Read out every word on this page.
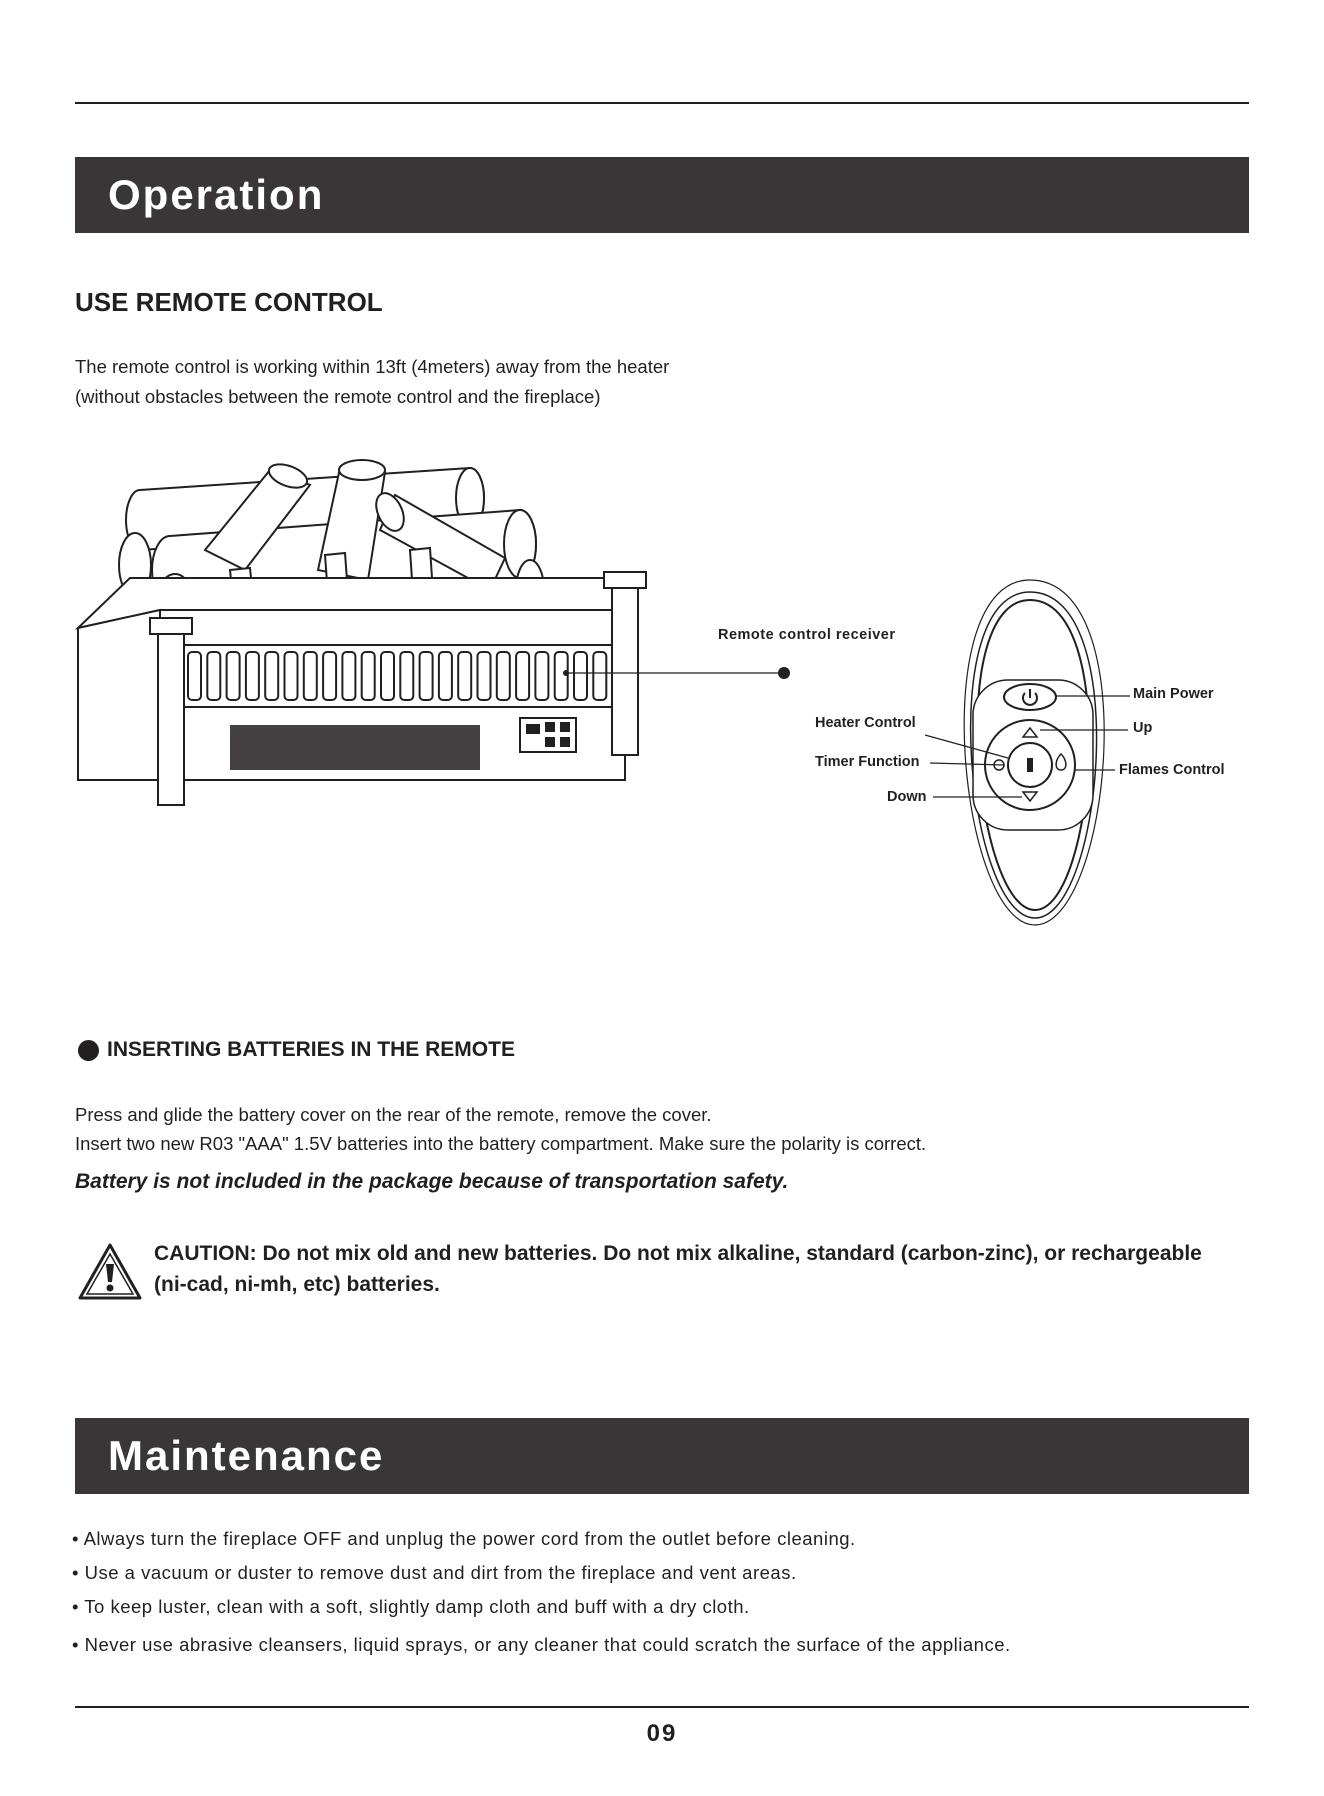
Operation
USE REMOTE CONTROL
The remote control is working within 13ft (4meters) away from the heater
(without obstacles between the remote control and the fireplace)
Remote control receiver
Main Power
Up
Heater Control
Timer Function	Flames Control
Down
INSERTING BATTERIES IN THE REMOTE
Press and glide the battery cover on the rear of the remote, remove the cover.
Insert two new R03 "AAA" 1.5V batteries into the battery compartment. Make sure the polarity is correct.
Battery is not included in the package because of transportation safety.
CAUTION: Do not mix old and new batteries. Do not mix alkaline, standard (carbon-zinc), or rechargeable
(ni-cad, ni-mh, etc) batteries.
Maintenance
• Always turn the fireplace OFF and unplug the power cord from the outlet before cleaning.
• Use a vacuum or duster to remove dust and dirt from the fireplace and vent areas.
• To keep luster, clean with a soft, slightly damp cloth and buff with a dry cloth.
• Never use abrasive cleansers, liquid sprays, or any cleaner that could scratch the surface of the appliance.
09
